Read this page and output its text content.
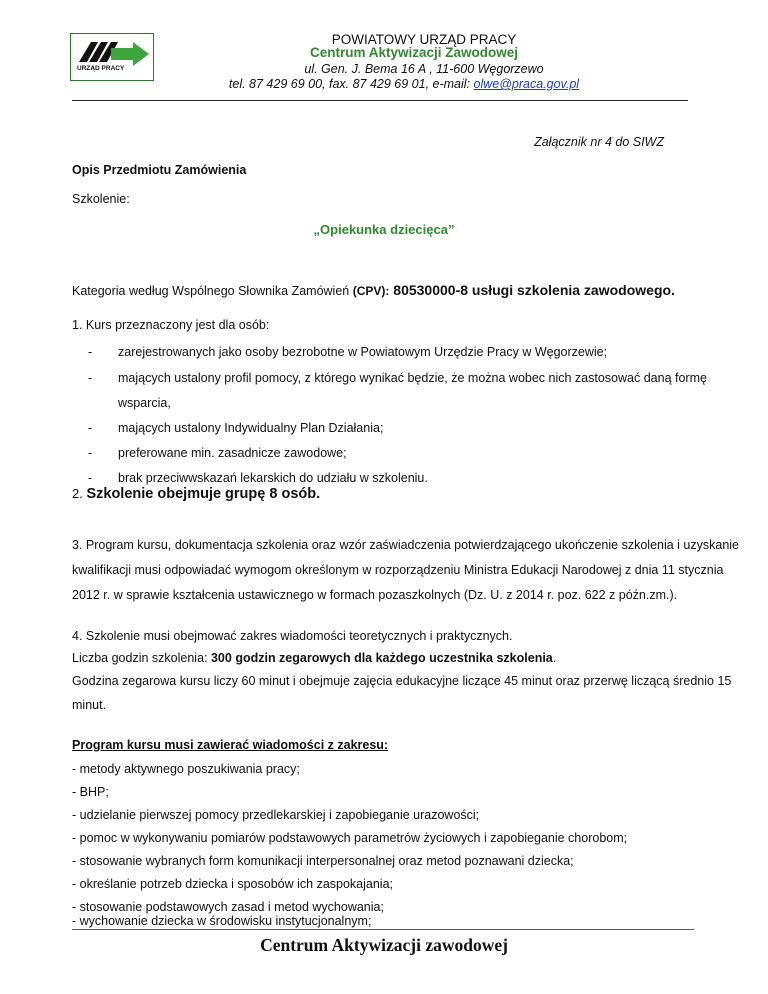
URZĄD PRACY
POWIATOWY URZĄD PRACY
Centrum Aktywizacji Zawodowej
ul. Gen. J. Bema 16 A , 11-600 Węgorzewo
tel. 87 429 69 00, fax. 87 429 69 01, e-mail: olwe@praca.gov.pl
Załącznik nr 4 do SIWZ
Opis Przedmiotu Zamówienia
Szkolenie:
„Opiekunka dziecięca”
Kategoria według Wspólnego Słownika Zamówień (CPV): 80530000-8 usługi szkolenia zawodowego.
1. Kurs przeznaczony jest dla osób:
- zarejestrowanych jako osoby bezrobotne w Powiatowym Urzędzie Pracy w Węgorzewie;
- mających ustalony profil pomocy, z którego wynikać będzie, że można wobec nich zastosować daną formę
wsparcia,
- mających ustalony Indywidualny Plan Działania;
- preferowane min. zasadnicze zawodowe;
- brak przeciwwskazań lekarskich do udziału w szkoleniu.
2. Szkolenie obejmuje grupę 8 osób.
3. Program kursu, dokumentacja szkolenia oraz wzór zaświadczenia potwierdzającego ukończenie szkolenia i uzyskanie
kwalifikacji musi odpowiadać wymogom określonym w rozporządzeniu Ministra Edukacji Narodowej z dnia 11 stycznia
2012 r. w sprawie kształcenia ustawicznego w formach pozaszkolnych (Dz. U. z 2014 r. poz. 622 z późn.zm.).
4. Szkolenie musi obejmować zakres wiadomości teoretycznych i praktycznych.
Liczba godzin szkolenia: 300 godzin zegarowych dla każdego uczestnika szkolenia.
Godzina zegarowa kursu liczy 60 minut i obejmuje zajęcia edukacyjne liczące 45 minut oraz przerwę liczącą średnio 15
minut.
Program kursu musi zawierać wiadomości z zakresu:
- metody aktywnego poszukiwania pracy;
- BHP;
- udzielanie pierwszej pomocy przedlekarskiej i zapobieganie urazowości;
- pomoc w wykonywaniu pomiarów podstawowych parametrów życiowych i zapobieganie chorobom;
- stosowanie wybranych form komunikacji interpersonalnej oraz metod poznawani dziecka;
- określanie potrzeb dziecka i sposobów ich zaspokajania;
- stosowanie podstawowych zasad i metod wychowania;
- wychowanie dziecka w środowisku instytucjonalnym;
Centrum Aktywizacji zawodowej
